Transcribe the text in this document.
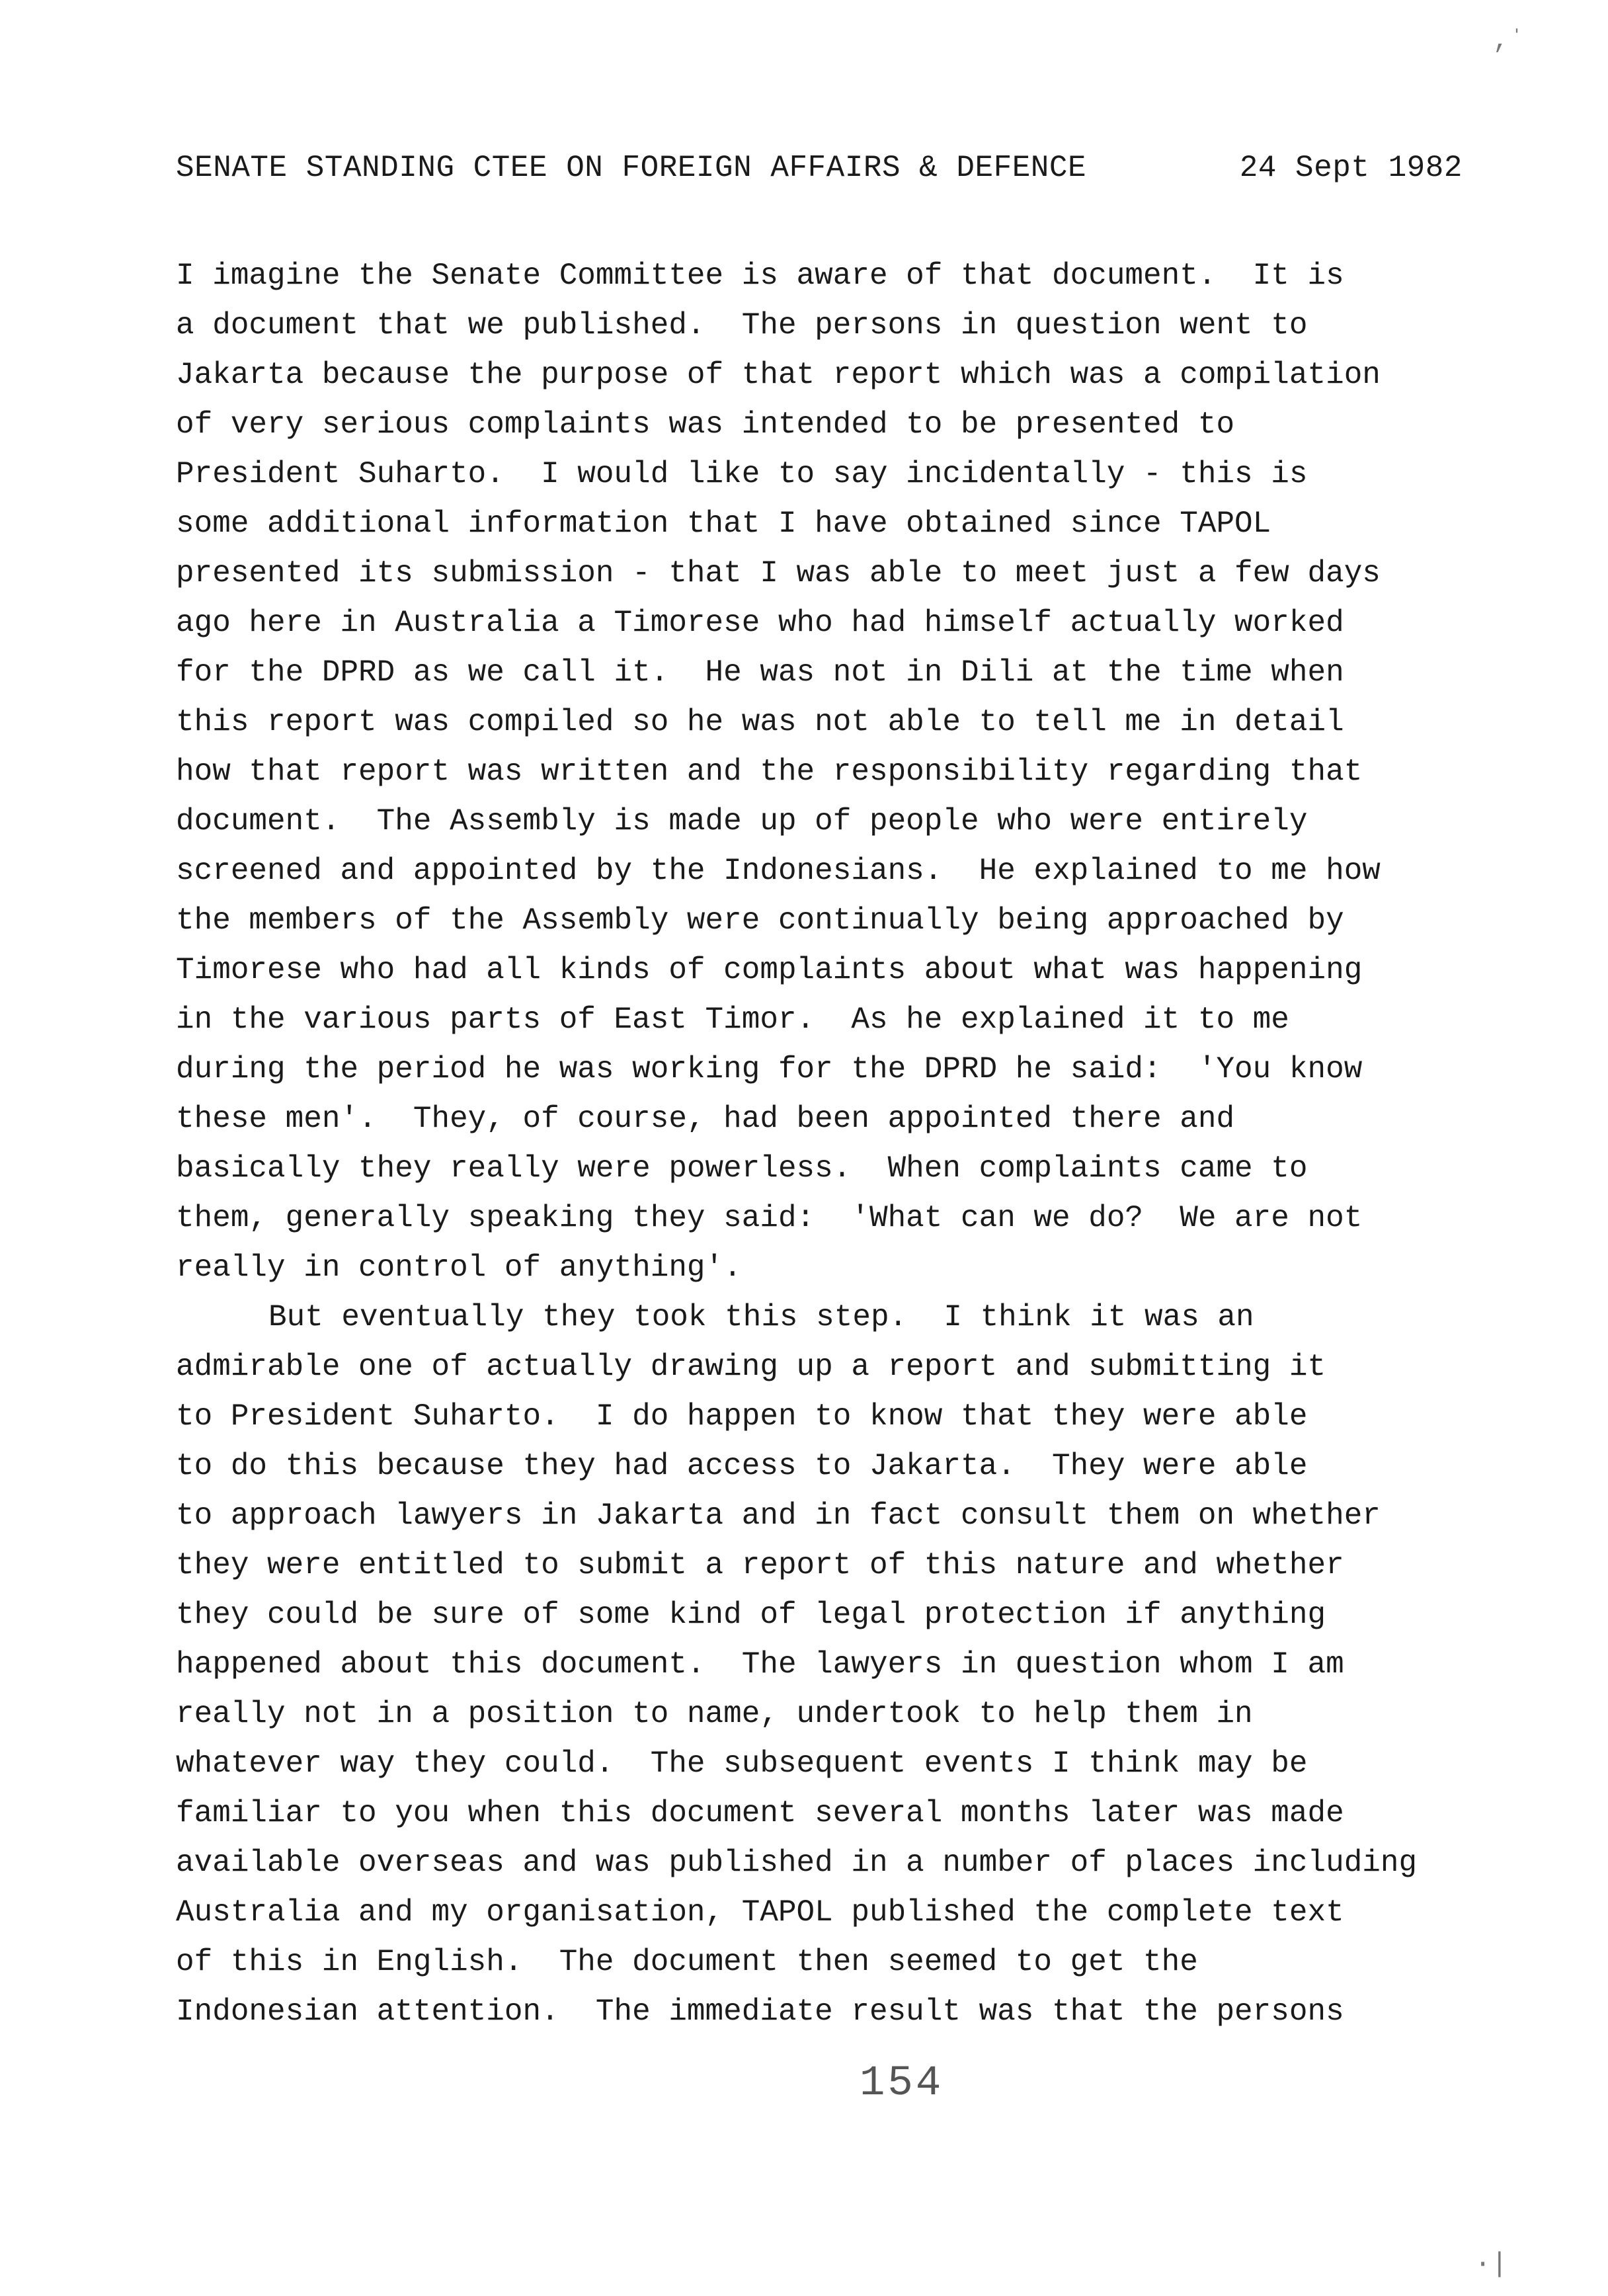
,ˈ
SENATE STANDING CTEE ON FOREIGN AFFAIRS & DEFENCE	24 Sept 1982
I imagine the Senate Committee is aware of that document.  It is
a document that we published.  The persons in question went to
Jakarta because the purpose of that report which was a compilation
of very serious complaints was intended to be presented to
President Suharto.  I would like to say incidentally - this is
some additional information that I have obtained since TAPOL
presented its submission - that I was able to meet just a few days
ago here in Australia a Timorese who had himself actually worked
for the DPRD as we call it.  He was not in Dili at the time when
this report was compiled so he was not able to tell me in detail
how that report was written and the responsibility regarding that
document.  The Assembly is made up of people who were entirely
screened and appointed by the Indonesians.  He explained to me how
the members of the Assembly were continually being approached by
Timorese who had all kinds of complaints about what was happening
in the various parts of East Timor.  As he explained it to me
during the period he was working for the DPRD he said:  'You know
these men'.  They, of course, had been appointed there and
basically they really were powerless.  When complaints came to
them, generally speaking they said:  'What can we do?  We are not
really in control of anything'.
But eventually they took this step.  I think it was an
admirable one of actually drawing up a report and submitting it
to President Suharto.  I do happen to know that they were able
to do this because they had access to Jakarta.  They were able
to approach lawyers in Jakarta and in fact consult them on whether
they were entitled to submit a report of this nature and whether
they could be sure of some kind of legal protection if anything
happened about this document.  The lawyers in question whom I am
really not in a position to name, undertook to help them in
whatever way they could.  The subsequent events I think may be
familiar to you when this document several months later was made
available overseas and was published in a number of places including
Australia and my organisation, TAPOL published the complete text
of this in English.  The document then seemed to get the
Indonesian attention.  The immediate result was that the persons
154
·|
